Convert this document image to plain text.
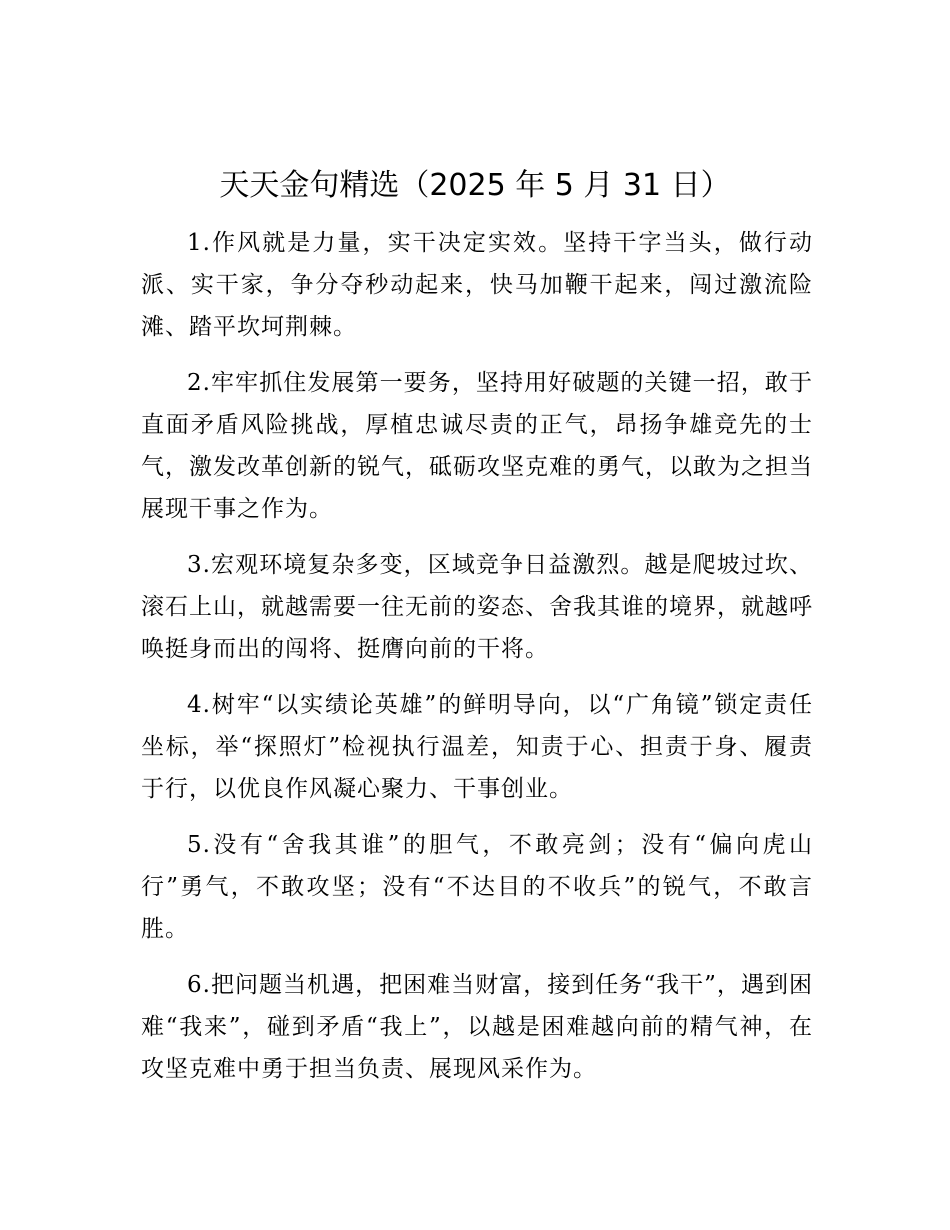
天天金句精选（2025 年 5 月 31 日）

1.作风就是力量，实干决定实效。坚持干字当头，做行动派、实干家，争分夺秒动起来，快马加鞭干起来，闯过激流险滩、踏平坎坷荆棘。

2.牢牢抓住发展第一要务，坚持用好破题的关键一招，敢于直面矛盾风险挑战，厚植忠诚尽责的正气，昂扬争雄竞先的士气，激发改革创新的锐气，砥砺攻坚克难的勇气，以敢为之担当展现干事之作为。

3.宏观环境复杂多变，区域竞争日益激烈。越是爬坡过坎、滚石上山，就越需要一往无前的姿态、舍我其谁的境界，就越呼唤挺身而出的闯将、挺膺向前的干将。

4.树牢“以实绩论英雄”的鲜明导向，以“广角镜”锁定责任坐标，举“探照灯”检视执行温差，知责于心、担责于身、履责于行，以优良作风凝心聚力、干事创业。

5.没有“舍我其谁”的胆气，不敢亮剑；没有“偏向虎山行”勇气，不敢攻坚；没有“不达目的不收兵”的锐气，不敢言胜。

6.把问题当机遇，把困难当财富，接到任务“我干”，遇到困难“我来”，碰到矛盾“我上”，以越是困难越向前的精气神，在攻坚克难中勇于担当负责、展现风采作为。
